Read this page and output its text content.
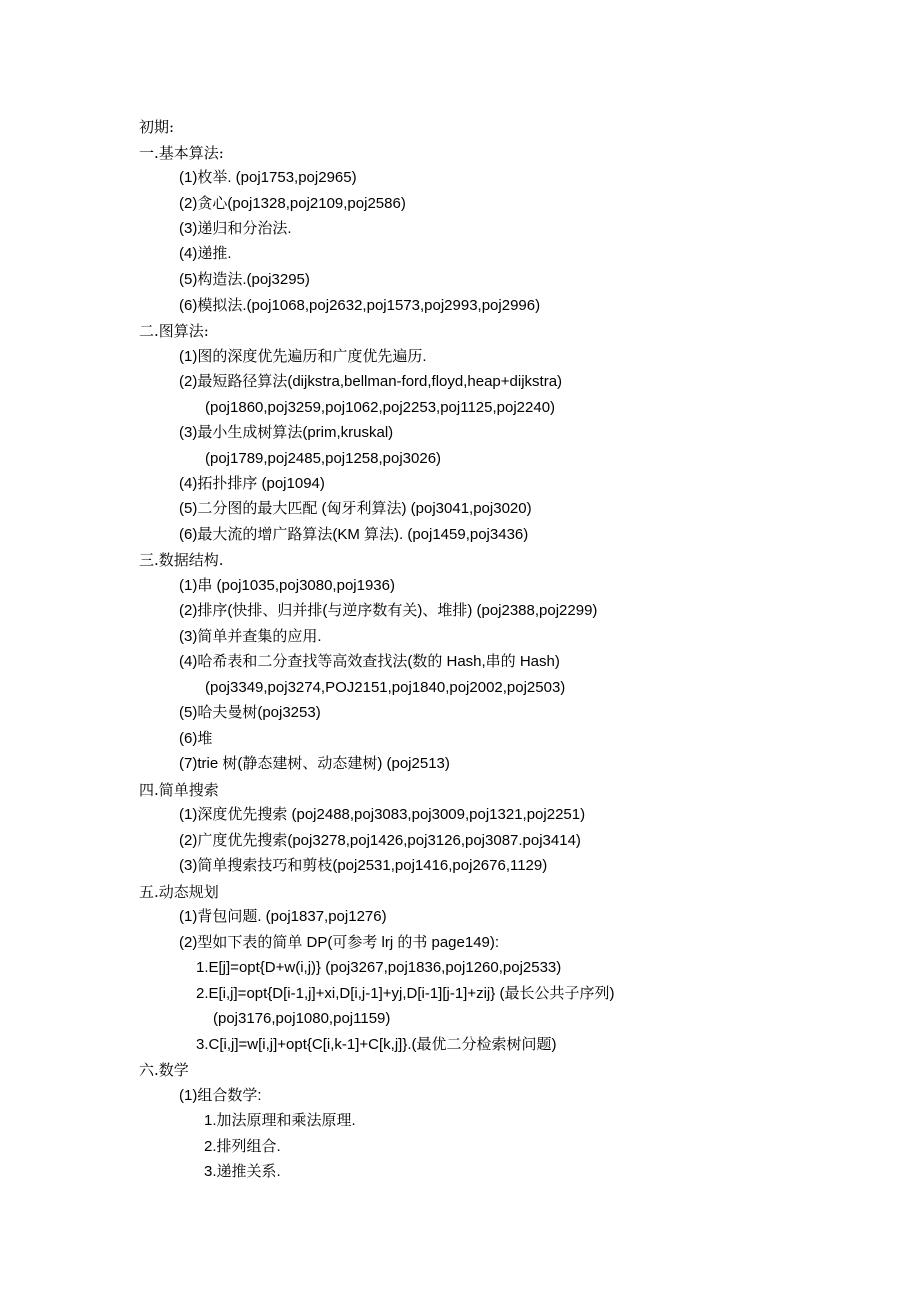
初期:
一.基本算法:
(1)枚举. (poj1753,poj2965)
(2)贪心(poj1328,poj2109,poj2586)
(3)递归和分治法.
(4)递推.
(5)构造法.(poj3295)
(6)模拟法.(poj1068,poj2632,poj1573,poj2993,poj2996)
二.图算法:
(1)图的深度优先遍历和广度优先遍历.
(2)最短路径算法(dijkstra,bellman-ford,floyd,heap+dijkstra)
(poj1860,poj3259,poj1062,poj2253,poj1125,poj2240)
(3)最小生成树算法(prim,kruskal)
(poj1789,poj2485,poj1258,poj3026)
(4)拓扑排序 (poj1094)
(5)二分图的最大匹配 (匈牙利算法) (poj3041,poj3020)
(6)最大流的增广路算法(KM 算法). (poj1459,poj3436)
三.数据结构.
(1)串 (poj1035,poj3080,poj1936)
(2)排序(快排、归并排(与逆序数有关)、堆排) (poj2388,poj2299)
(3)简单并查集的应用.
(4)哈希表和二分查找等高效查找法(数的 Hash,串的 Hash)
(poj3349,poj3274,POJ2151,poj1840,poj2002,poj2503)
(5)哈夫曼树(poj3253)
(6)堆
(7)trie 树(静态建树、动态建树) (poj2513)
四.简单搜索
(1)深度优先搜索 (poj2488,poj3083,poj3009,poj1321,poj2251)
(2)广度优先搜索(poj3278,poj1426,poj3126,poj3087.poj3414)
(3)简单搜索技巧和剪枝(poj2531,poj1416,poj2676,1129)
五.动态规划
(1)背包问题. (poj1837,poj1276)
(2)型如下表的简单 DP(可参考 lrj 的书 page149):
1.E[j]=opt{D+w(i,j)} (poj3267,poj1836,poj1260,poj2533)
2.E[i,j]=opt{D[i-1,j]+xi,D[i,j-1]+yj,D[i-1][j-1]+zij} (最长公共子序列)
(poj3176,poj1080,poj1159)
3.C[i,j]=w[i,j]+opt{C[i,k-1]+C[k,j]}.(最优二分检索树问题)
六.数学
(1)组合数学:
1.加法原理和乘法原理.
2.排列组合.
3.递推关系.
